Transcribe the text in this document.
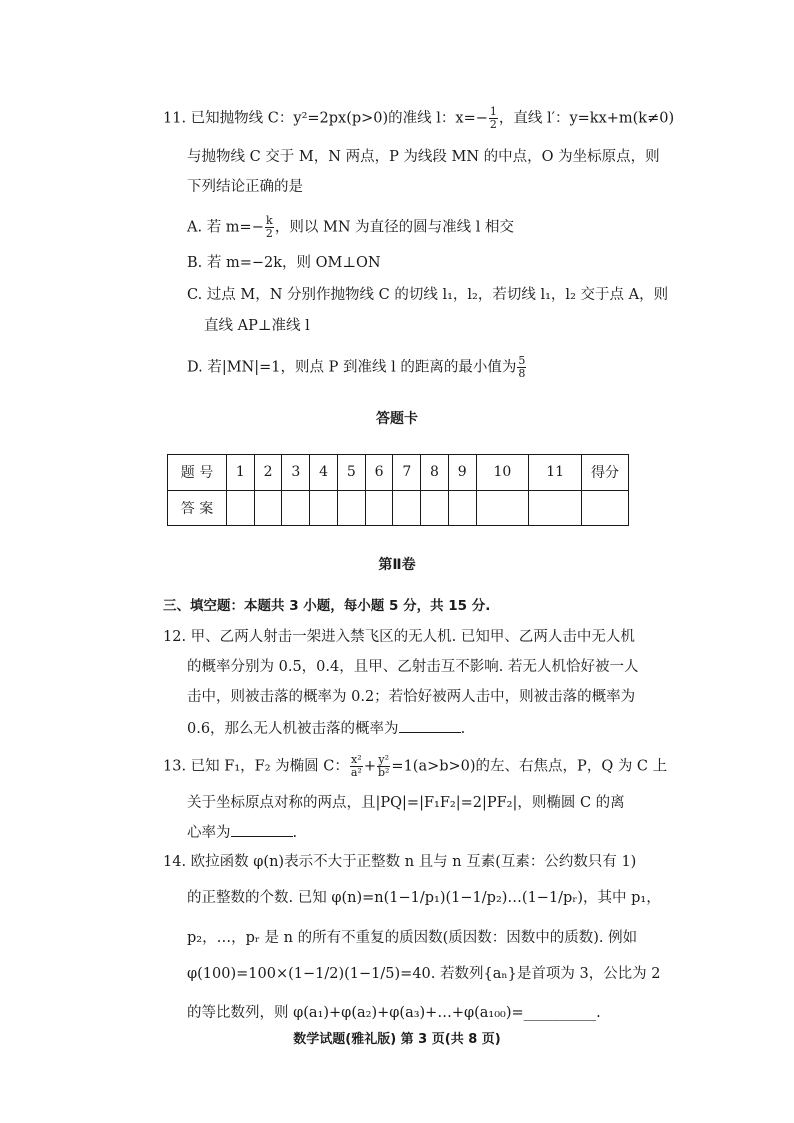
11. 已知抛物线 C：y²=2px(p>0)的准线 l：$x=- \frac{1}{2}$ ，直线 l′：y=kx+m(k≠0)
与抛物线 C 交于 M，N 两点，P 为线段 MN 的中点，O 为坐标原点，则
下列结论正确的是
A. 若 $m=- \frac{k}{2}$ ，则以 MN 为直径的圆与准线 l 相交
B. 若 m=−2k，则 OM⊥ON
C. 过点 M，N 分别作抛物线 C 的切线 l₁，l₂，若切线 l₁，l₂ 交于点 A，则
直线 AP⊥准线 l
D. 若|MN|=1，则点 P 到准线 l 的距离的最小值为 $\frac{5}{8}$
答题卡
题 号	1	2	3	4	5	6	7	8	9	10	11	得分
答 案												
第Ⅱ卷
三、填空题：本题共 3 小题，每小题 5 分，共 15 分.
12. 甲、乙两人射击一架进入禁飞区的无人机. 已知甲、乙两人击中无人机
的概率分别为 0.5，0.4，且甲、乙射击互不影响. 若无人机恰好被一人
击中，则被击落的概率为 0.2；若恰好被两人击中，则被击落的概率为
0.6，那么无人机被击落的概率为	.
13. 已知 F₁，F₂ 为椭圆 C： $\frac{\text{x²}}{\text{a²}} + \frac{\text{y²}}{\text{b²}} =1(a>b>0)$的左、右焦点，P，Q 为 C 上
关于坐标原点对称的两点，且|PQ|=|F₁F₂|=2|PF₂|，则椭圆 C 的离
心率为	.
14. 欧拉函数 φ(n)表示不大于正整数 n 且与 n 互素(互素：公约数只有 1)
的正整数的个数. 已知 φ(n)=n(1−1/p₁)(1−1/p₂)…(1−1/pᵣ)，其中 p₁，
p₂，…，pᵣ 是 n 的所有不重复的质因数(质因数：因数中的质数). 例如
φ(100)=100×(1−1/2)(1−1/5)=40. 若数列{aₙ}是首项为 3，公比为 2
的等比数列，则 φ(a₁)+φ(a₂)+φ(a₃)+…+φ(a₁₀₀)=__________.
数学试题(雅礼版) 第 3 页(共 8 页)
